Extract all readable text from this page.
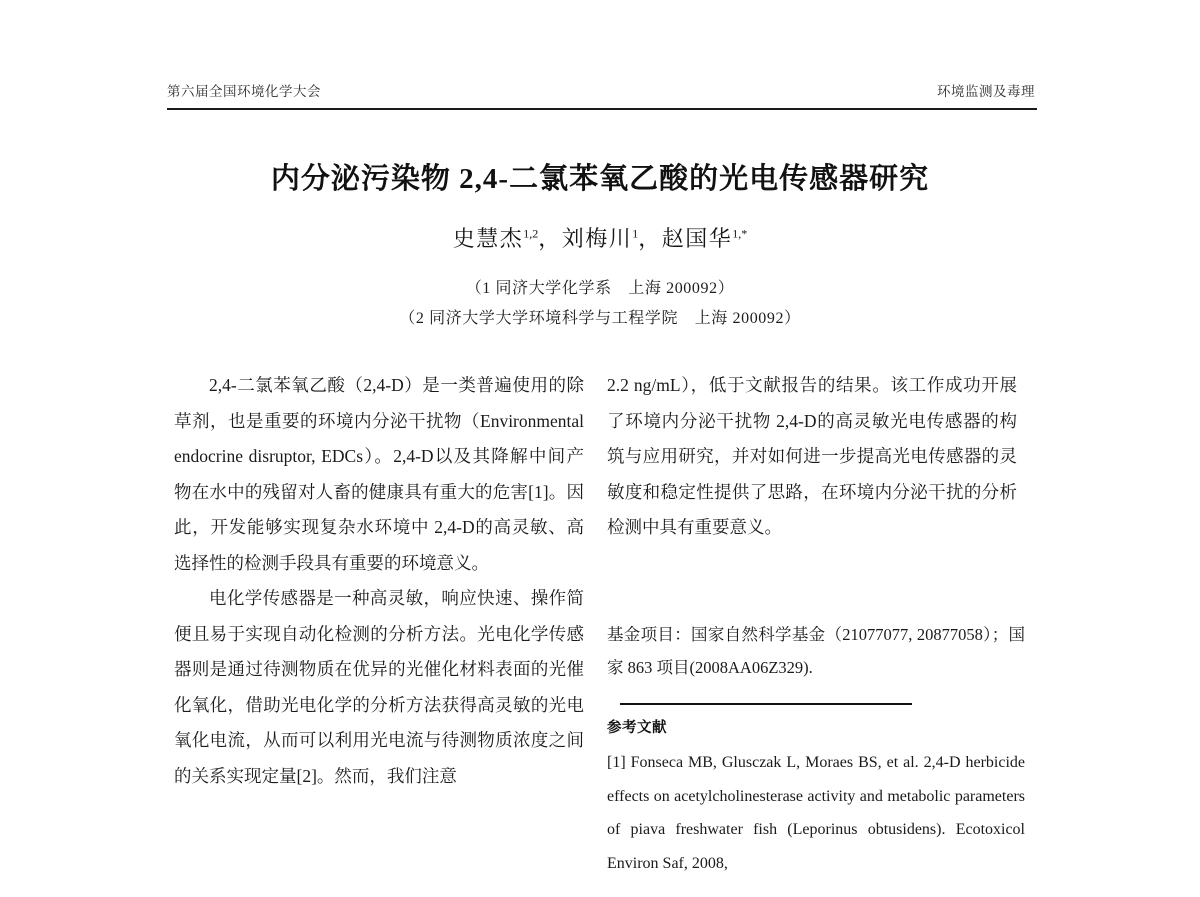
第六届全国环境化学大会	环境监测及毒理
内分泌污染物 2,4-二氯苯氧乙酸的光电传感器研究
史慧杰$^{1,2}$，刘梅川$^1$，赵国华$^{1,*}$
（1 同济大学化学系　上海 200092）
（2 同济大学大学环境科学与工程学院　上海 200092）

2,4-二氯苯氧乙酸（2,4-D）是一类普遍使用的除草剂，也是重要的环境内分泌干扰物（Environmental endocrine disruptor, EDCs）。2,4-D以及其降解中间产物在水中的残留对人畜的健康具有重大的危害[1]。因此，开发能够实现复杂水环境中 2,4-D的高灵敏、高选择性的检测手段具有重要的环境意义。

电化学传感器是一种高灵敏，响应快速、操作简便且易于实现自动化检测的分析方法。光电化学传感器则是通过待测物质在优异的光催化材料表面的光催化氧化，借助光电化学的分析方法获得高灵敏的光电氧化电流，从而可以利用光电流与待测物质浓度之间的关系实现定量[2]。然而，我们注意

2.2 ng/mL），低于文献报告的结果。该工作成功开展了环境内分泌干扰物 2,4-D的高灵敏光电传感器的构筑与应用研究，并对如何进一步提高光电传感器的灵敏度和稳定性提供了思路，在环境内分泌干扰的分析检测中具有重要意义。

基金项目：国家自然科学基金（21077077, 20877058）；国家 863 项目(2008AA06Z329).
参考文献

[1] Fonseca MB, Glusczak L, Moraes BS, et al. 2,4-D herbicide effects on acetylcholinesterase activity and metabolic parameters of piava freshwater fish (Leporinus obtusidens). Ecotoxicol Environ Saf, 2008,
